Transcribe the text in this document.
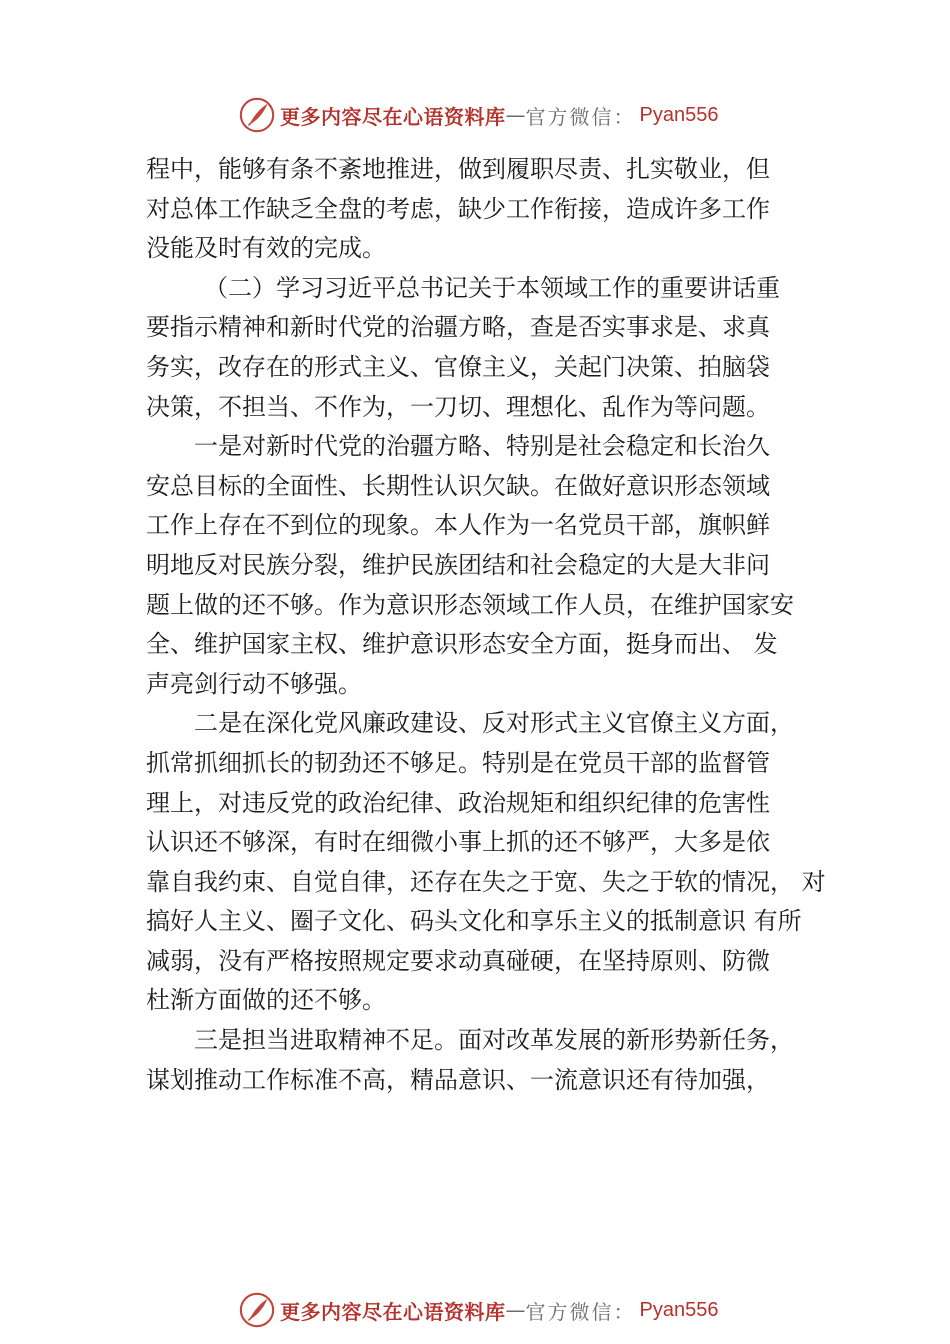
更多内容尽在心语资料库 — 官方微信： Pyan556
程中，能够有条不紊地推进，做到履职尽责、扎实敬业，但
对总体工作缺乏全盘的考虑，缺少工作衔接，造成许多工作
没能及时有效的完成。
（二）学习习近平总书记关于本领域工作的重要讲话重
要指示精神和新时代党的治疆方略，查是否实事求是、求真
务实，改存在的形式主义、官僚主义，关起门决策、拍脑袋
决策，不担当、不作为，一刀切、理想化、乱作为等问题。
一是对新时代党的治疆方略、特别是社会稳定和长治久
安总目标的全面性、长期性认识欠缺。在做好意识形态领域
工作上存在不到位的现象。本人作为一名党员干部，旗帜鲜
明地反对民族分裂，维护民族团结和社会稳定的大是大非问
题上做的还不够。作为意识形态领域工作人员，在维护国家安
全、维护国家主权、维护意识形态安全方面，挺身而出、 发
声亮剑行动不够强。
二是在深化党风廉政建设、反对形式主义官僚主义方面，
抓常抓细抓长的韧劲还不够足。特别是在党员干部的监督管
理上，对违反党的政治纪律、政治规矩和组织纪律的危害性
认识还不够深，有时在细微小事上抓的还不够严，大多是依
靠自我约束、自觉自律，还存在失之于宽、失之于软的情况， 对
搞好人主义、圈子文化、码头文化和享乐主义的抵制意识 有所
减弱，没有严格按照规定要求动真碰硬，在坚持原则、防微
杜渐方面做的还不够。
三是担当进取精神不足。面对改革发展的新形势新任务，
谋划推动工作标准不高，精品意识、一流意识还有待加强，
更多内容尽在心语资料库 — 官方微信： Pyan556
